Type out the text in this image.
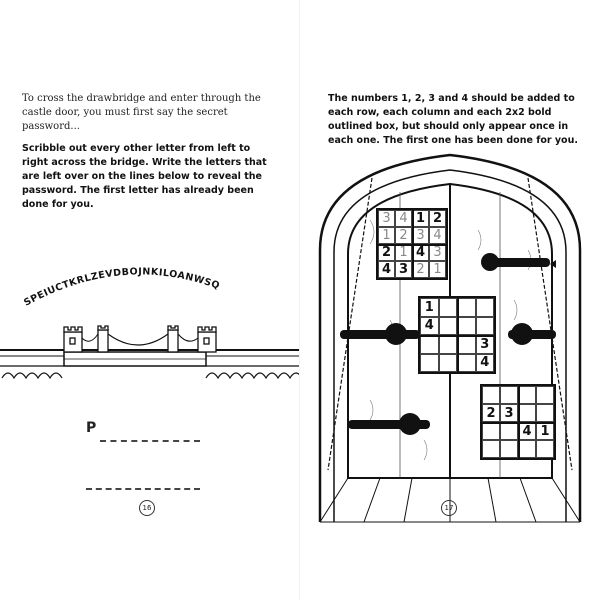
To cross the drawbridge and enter through the castle door, you must first say the secret password...
Scribble out every other letter from left to right across the bridge. Write the letters that are left over on the lines below to reveal the password. The first letter has already been done for you.
SPEIUCTKRLZEVDBOJNKILOANWSQ
P
16
The numbers 1, 2, 3 and 4 should be added to each row, each column and each 2x2 bold outlined box, but should only appear once in each one. The first one has been done for you.
3 4 1 2
1 2 3 4
2 1 4 3
4 3 2 1
1
4
3
4
2 3
4 1
17
